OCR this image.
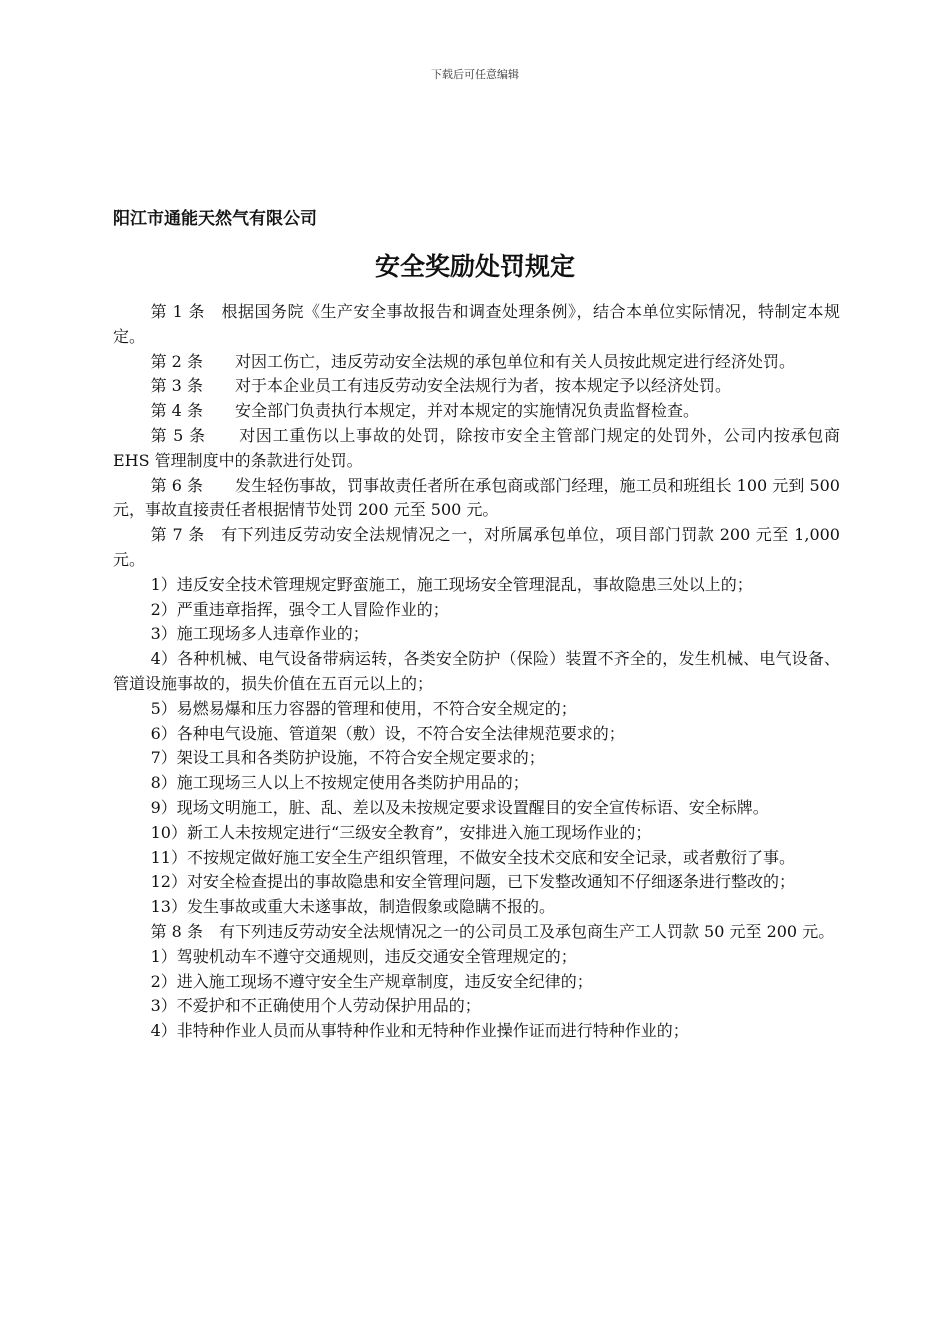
下载后可任意编辑
阳江市通能天然气有限公司
安全奖励处罚规定

第 1 条　根据国务院《生产安全事故报告和调查处理条例》，结合本单位实际情况，特制定本规定。

第 2 条　　对因工伤亡，违反劳动安全法规的承包单位和有关人员按此规定进行经济处罚。

第 3 条　　对于本企业员工有违反劳动安全法规行为者，按本规定予以经济处罚。

第 4 条　　安全部门负责执行本规定，并对本规定的实施情况负责监督检查。

第 5 条　　对因工重伤以上事故的处罚，除按市安全主管部门规定的处罚外，公司内按承包商 EHS 管理制度中的条款进行处罚。

第 6 条　　发生轻伤事故，罚事故责任者所在承包商或部门经理，施工员和班组长 100 元到 500 元，事故直接责任者根据情节处罚 200 元至 500 元。

第 7 条　有下列违反劳动安全法规情况之一，对所属承包单位，项目部门罚款 200 元至 1,000 元。

1）违反安全技术管理规定野蛮施工，施工现场安全管理混乱，事故隐患三处以上的；

2）严重违章指挥，强令工人冒险作业的；

3）施工现场多人违章作业的；

4）各种机械、电气设备带病运转，各类安全防护（保险）装置不齐全的，发生机械、电气设备、管道设施事故的，损失价值在五百元以上的；

5）易燃易爆和压力容器的管理和使用，不符合安全规定的；

6）各种电气设施、管道架（敷）设，不符合安全法律规范要求的；

7）架设工具和各类防护设施，不符合安全规定要求的；

8）施工现场三人以上不按规定使用各类防护用品的；

9）现场文明施工，脏、乱、差以及未按规定要求设置醒目的安全宣传标语、安全标牌。

10）新工人未按规定进行“三级安全教育”，安排进入施工现场作业的；

11）不按规定做好施工安全生产组织管理，不做安全技术交底和安全记录，或者敷衍了事。

12）对安全检查提出的事故隐患和安全管理问题，已下发整改通知不仔细逐条进行整改的；

13）发生事故或重大未遂事故，制造假象或隐瞒不报的。

第 8 条　有下列违反劳动安全法规情况之一的公司员工及承包商生产工人罚款 50 元至 200 元。

1）驾驶机动车不遵守交通规则，违反交通安全管理规定的；

2）进入施工现场不遵守安全生产规章制度，违反安全纪律的；

3）不爱护和不正确使用个人劳动保护用品的；

4）非特种作业人员而从事特种作业和无特种作业操作证而进行特种作业的；
